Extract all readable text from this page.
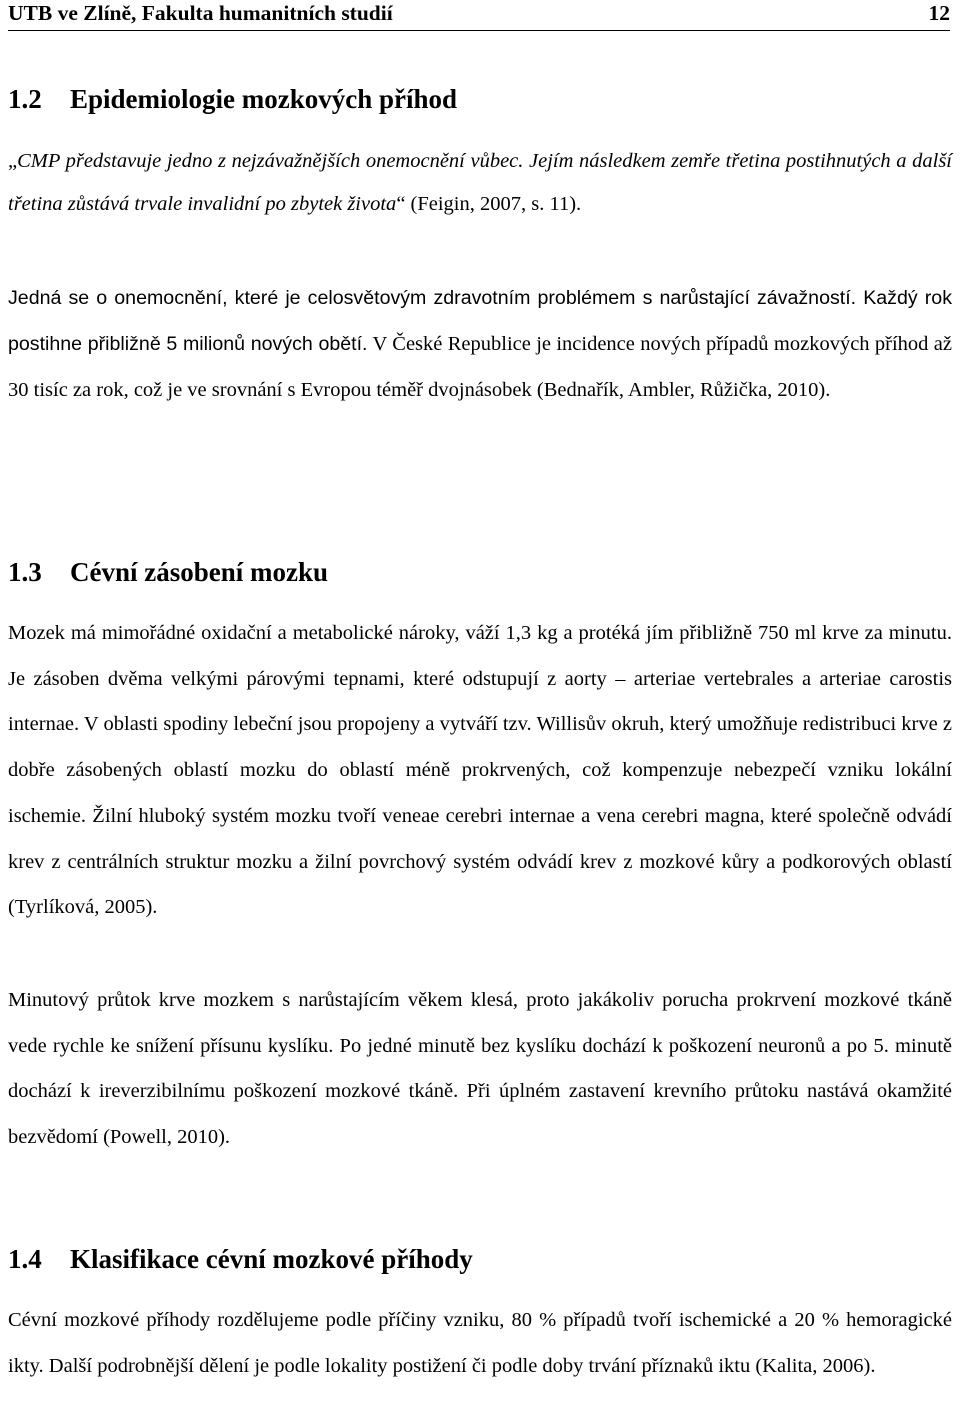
UTB ve Zlíně, Fakulta humanitních studií	12
1.2 Epidemiologie mozkových příhod

„CMP představuje jedno z nejzávažnějších onemocnění vůbec. Jejím následkem zemře třetina postihnutých a další třetina zůstává trvale invalidní po zbytek života“ (Feigin, 2007, s. 11).

Jedná se o onemocnění, které je celosvětovým zdravotním problémem s narůstající závažností. Každý rok postihne přibližně 5 milionů nových obětí. V České Republice je incidence nových případů mozkových příhod až 30 tisíc za rok, což je ve srovnání s Evropou téměř dvojnásobek (Bednařík, Ambler, Růžička, 2010).

1.3 Cévní zásobení mozku

Mozek má mimořádné oxidační a metabolické nároky, váží 1,3 kg a protéká jím přibližně 750 ml krve za minutu. Je zásoben dvěma velkými párovými tepnami, které odstupují z aorty – arteriae vertebrales a arteriae carostis internae. V oblasti spodiny lebeční jsou propojeny a vytváří tzv. Willisův okruh, který umožňuje redistribuci krve z dobře zásobených oblastí mozku do oblastí méně prokrvených, což kompenzuje nebezpečí vzniku lokální ischemie. Žilní hluboký systém mozku tvoří veneae cerebri internae a vena cerebri magna, které společně odvádí krev z centrálních struktur mozku a žilní povrchový systém odvádí krev z mozkové kůry a podkorových oblastí (Tyrlíková, 2005).

Minutový průtok krve mozkem s narůstajícím věkem klesá, proto jakákoliv porucha prokrvení mozkové tkáně vede rychle ke snížení přísunu kyslíku. Po jedné minutě bez kyslíku dochází k poškození neuronů a po 5. minutě dochází k ireverzibilnímu poškození mozkové tkáně. Při úplném zastavení krevního průtoku nastává okamžité bezvědomí (Powell, 2010).

1.4 Klasifikace cévní mozkové příhody

Cévní mozkové příhody rozdělujeme podle příčiny vzniku, 80 % případů tvoří ischemické a 20 % hemoragické ikty. Další podrobnější dělení je podle lokality postižení či podle doby trvání příznaků iktu (Kalita, 2006).
